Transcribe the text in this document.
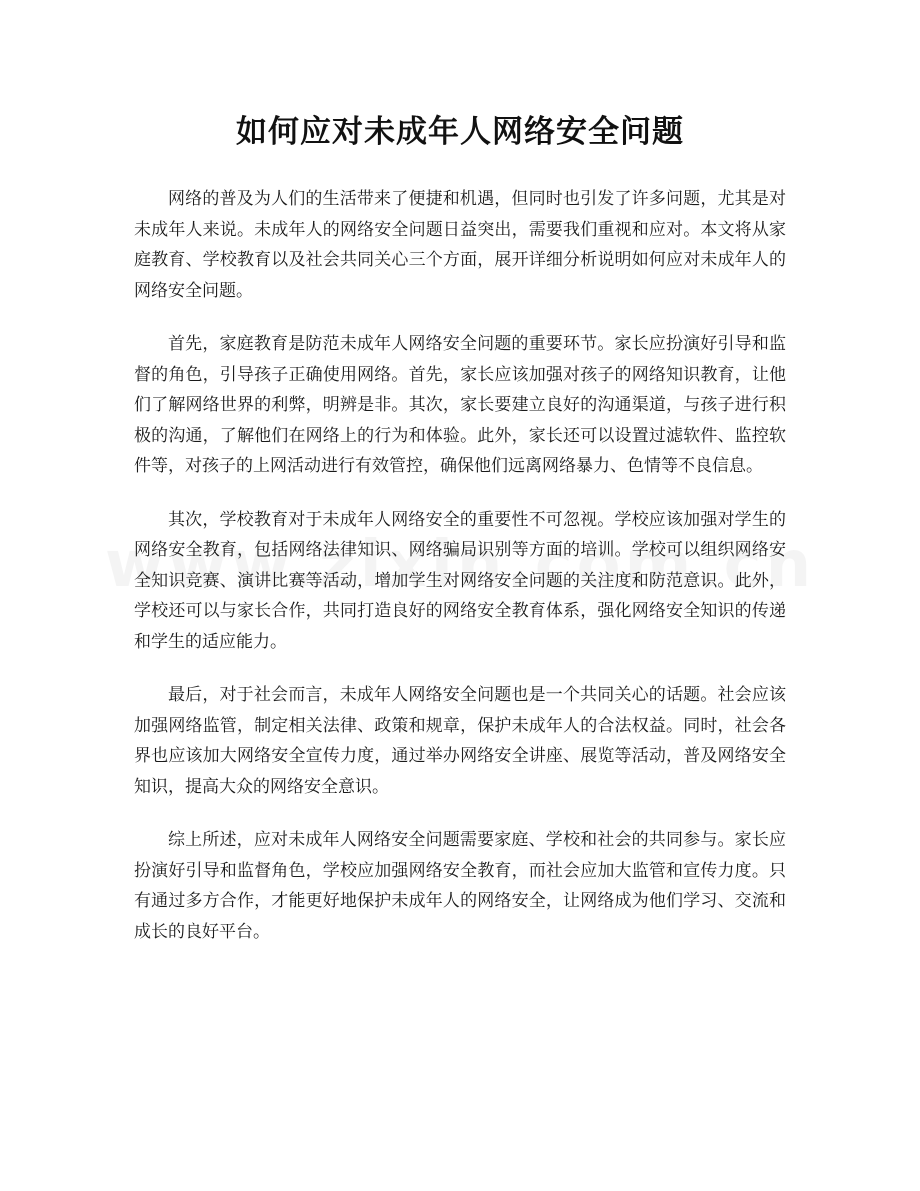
如何应对未成年人网络安全问题

网络的普及为人们的生活带来了便捷和机遇，但同时也引发了许多问题，尤其是对未成年人来说。未成年人的网络安全问题日益突出，需要我们重视和应对。本文将从家庭教育、学校教育以及社会共同关心三个方面，展开详细分析说明如何应对未成年人的网络安全问题。

首先，家庭教育是防范未成年人网络安全问题的重要环节。家长应扮演好引导和监督的角色，引导孩子正确使用网络。首先，家长应该加强对孩子的网络知识教育，让他们了解网络世界的利弊，明辨是非。其次，家长要建立良好的沟通渠道，与孩子进行积极的沟通，了解他们在网络上的行为和体验。此外，家长还可以设置过滤软件、监控软件等，对孩子的上网活动进行有效管控，确保他们远离网络暴力、色情等不良信息。

其次，学校教育对于未成年人网络安全的重要性不可忽视。学校应该加强对学生的网络安全教育，包括网络法律知识、网络骗局识别等方面的培训。学校可以组织网络安全知识竞赛、演讲比赛等活动，增加学生对网络安全问题的关注度和防范意识。此外，学校还可以与家长合作，共同打造良好的网络安全教育体系，强化网络安全知识的传递和学生的适应能力。

最后，对于社会而言，未成年人网络安全问题也是一个共同关心的话题。社会应该加强网络监管，制定相关法律、政策和规章，保护未成年人的合法权益。同时，社会各界也应该加大网络安全宣传力度，通过举办网络安全讲座、展览等活动，普及网络安全知识，提高大众的网络安全意识。

综上所述，应对未成年人网络安全问题需要家庭、学校和社会的共同参与。家长应扮演好引导和监督角色，学校应加强网络安全教育，而社会应加大监管和宣传力度。只有通过多方合作，才能更好地保护未成年人的网络安全，让网络成为他们学习、交流和成长的良好平台。
